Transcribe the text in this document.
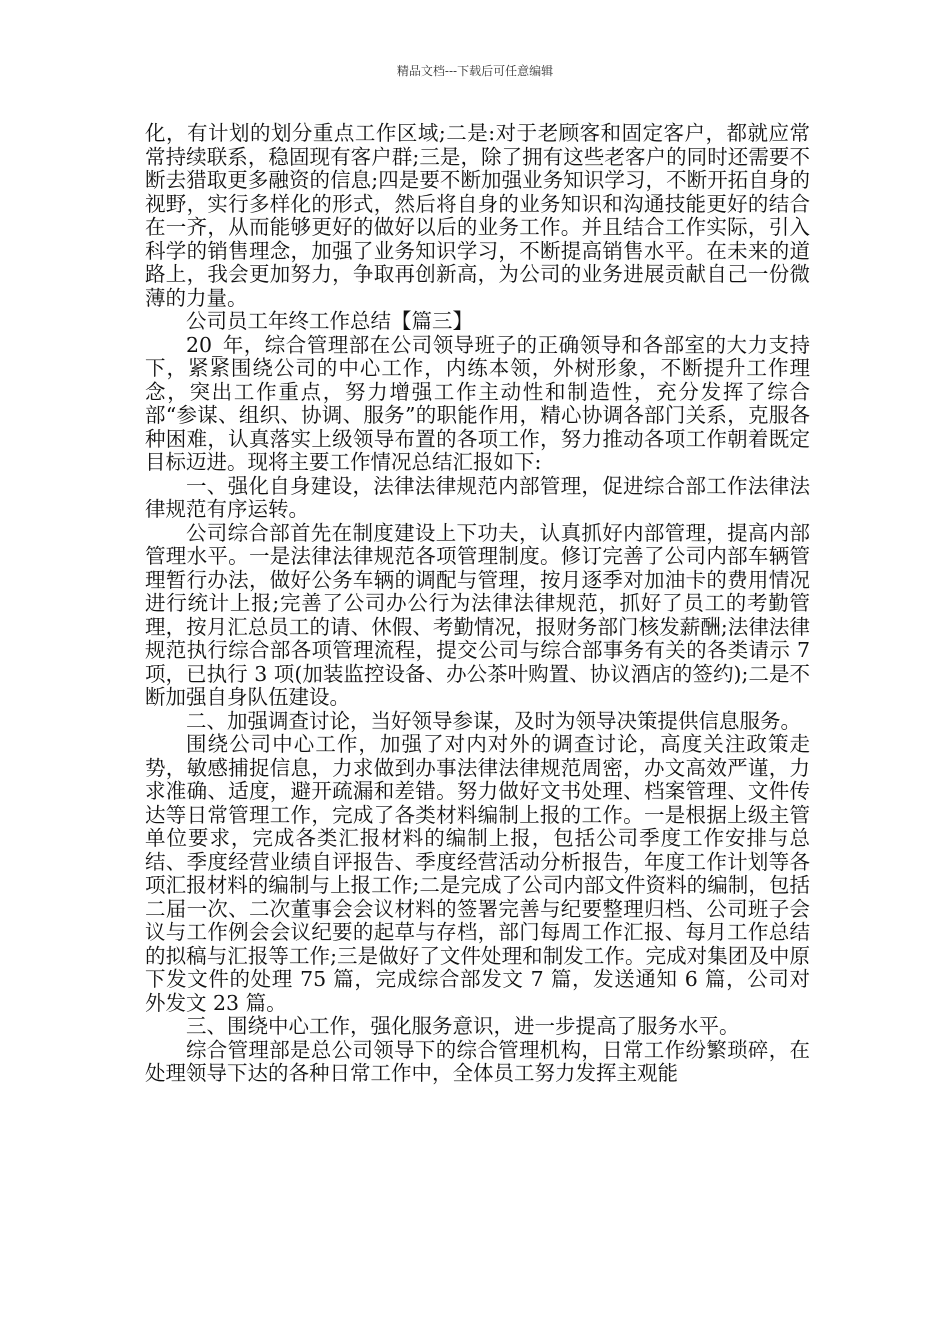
精品文档---下载后可任意编辑

化，有计划的划分重点工作区域;二是:对于老顾客和固定客户，都就应常常持续联系，稳固现有客户群;三是，除了拥有这些老客户的同时还需要不断去猎取更多融资的信息;四是要不断加强业务知识学习，不断开拓自身的视野，实行多样化的形式，然后将自身的业务知识和沟通技能更好的结合在一齐，从而能够更好的做好以后的业务工作。并且结合工作实际，引入科学的销售理念，加强了业务知识学习，不断提高销售水平。在未来的道路上，我会更加努力，争取再创新高，为公司的业务进展贡献自己一份微薄的力量。

公司员工年终工作总结【篇三】

20_年，综合管理部在公司领导班子的正确领导和各部室的大力支持下，紧紧围绕公司的中心工作，内练本领，外树形象，不断提升工作理念，突出工作重点，努力增强工作主动性和制造性，充分发挥了综合部“参谋、组织、协调、服务”的职能作用，精心协调各部门关系，克服各种困难，认真落实上级领导布置的各项工作，努力推动各项工作朝着既定目标迈进。现将主要工作情况总结汇报如下:

一、强化自身建设，法律法律规范内部管理，促进综合部工作法律法律规范有序运转。

公司综合部首先在制度建设上下功夫，认真抓好内部管理，提高内部管理水平。一是法律法律规范各项管理制度。修订完善了公司内部车辆管理暂行办法，做好公务车辆的调配与管理，按月逐季对加油卡的费用情况进行统计上报;完善了公司办公行为法律法律规范，抓好了员工的考勤管理，按月汇总员工的请、休假、考勤情况，报财务部门核发薪酬;法律法律规范执行综合部各项管理流程，提交公司与综合部事务有关的各类请示 7 项，已执行 3 项(加装监控设备、办公茶叶购置、协议酒店的签约);二是不断加强自身队伍建设。

二、加强调查讨论，当好领导参谋，及时为领导决策提供信息服务。

围绕公司中心工作，加强了对内对外的调查讨论，高度关注政策走势，敏感捕捉信息，力求做到办事法律法律规范周密，办文高效严谨，力求准确、适度，避开疏漏和差错。努力做好文书处理、档案管理、文件传达等日常管理工作，完成了各类材料编制上报的工作。一是根据上级主管单位要求，完成各类汇报材料的编制上报，包括公司季度工作安排与总结、季度经营业绩自评报告、季度经营活动分析报告，年度工作计划等各项汇报材料的编制与上报工作;二是完成了公司内部文件资料的编制，包括二届一次、二次董事会会议材料的签署完善与纪要整理归档、公司班子会议与工作例会会议纪要的起草与存档，部门每周工作汇报、每月工作总结的拟稿与汇报等工作;三是做好了文件处理和制发工作。完成对集团及中原下发文件的处理 75 篇，完成综合部发文 7 篇，发送通知 6 篇，公司对外发文 23 篇。

三、围绕中心工作，强化服务意识，进一步提高了服务水平。

综合管理部是总公司领导下的综合管理机构，日常工作纷繁琐碎，在处理领导下达的各种日常工作中，全体员工努力发挥主观能
